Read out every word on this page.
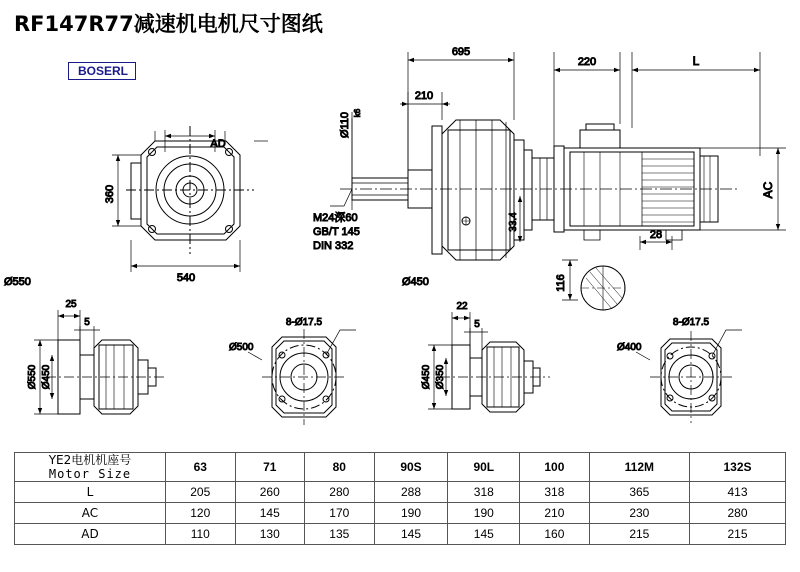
RF147R77减速机电机尺寸图纸
BOSERL
AD
360
540
695
220	L
210
Ø110 k6
M24深60
GB/T 145
DIN 332
33.4
AC
28
116
Ø550	Ø450
25
5
Ø550 Ø450
8-Ø17.5
Ø500
22
5
Ø450 Ø350
8-Ø17.5
Ø400
YE2电机机座号
Motor Size	63	71	80	90S	90L	100	112M	132S

L	205	260	280	288	318	318	365	413
AC	120	145	170	190	190	210	230	280
AD	110	130	135	145	145	160	215	215
